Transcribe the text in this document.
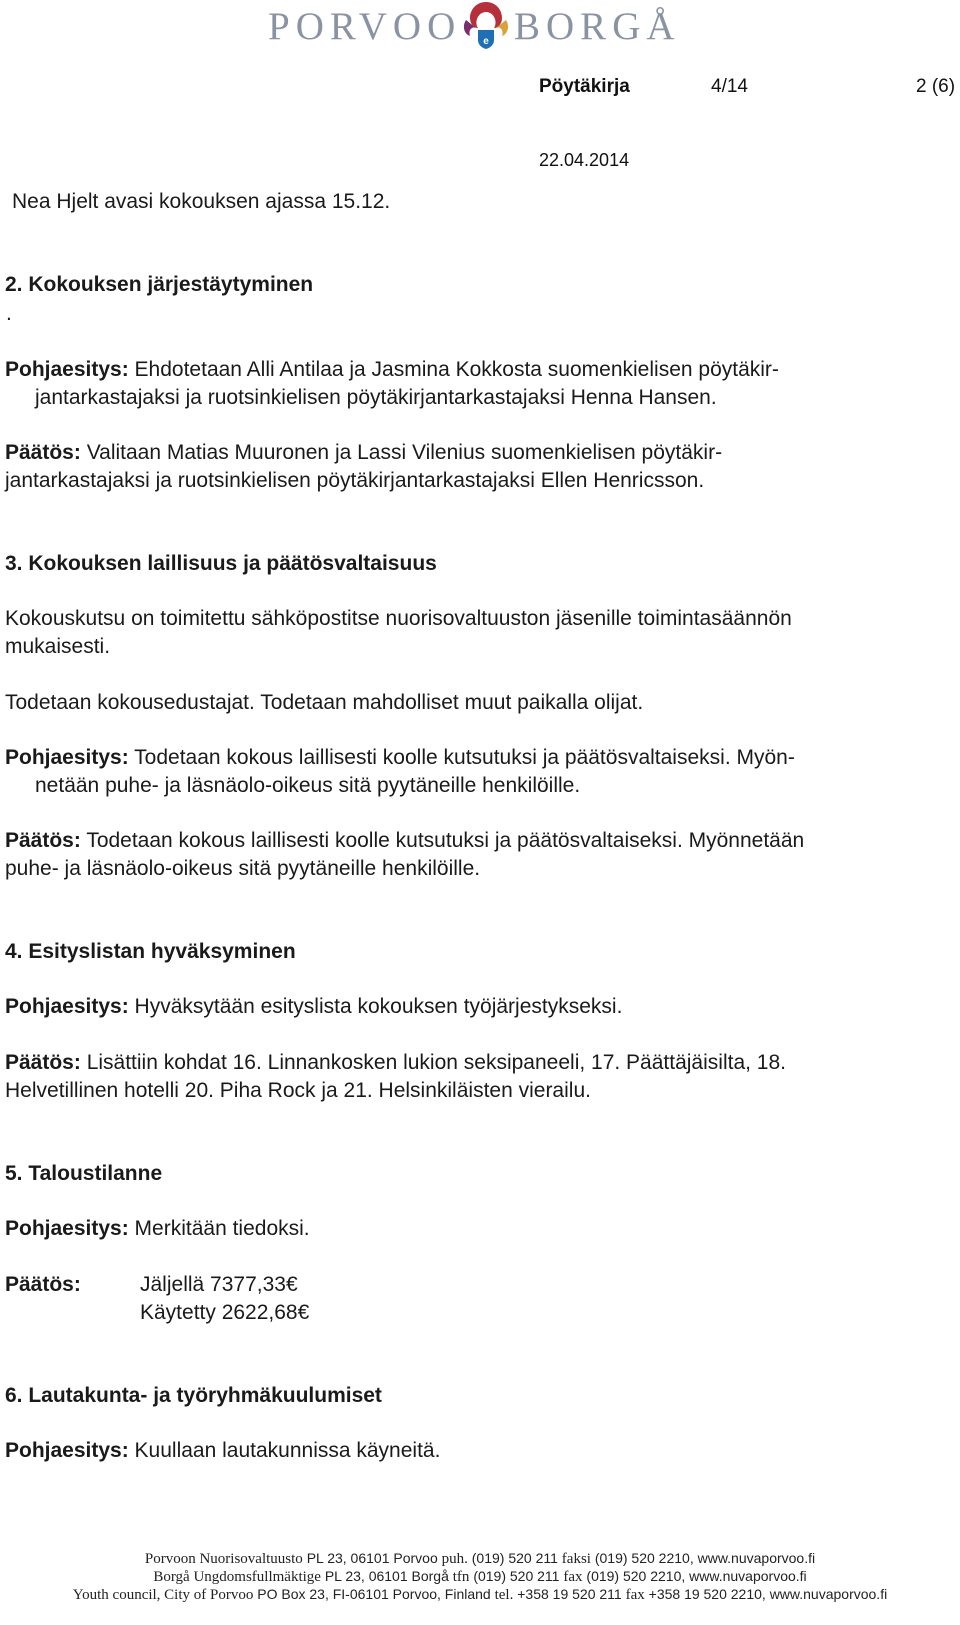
PORVOO e BORGÅ
Pöytäkirja	4/14	2 (6)
22.04.2014
Nea Hjelt avasi kokouksen ajassa 15.12.
2. Kokouksen järjestäytyminen
.
Pohjaesitys: Ehdotetaan Alli Antilaa ja Jasmina Kokkosta suomenkielisen pöytäkir-
jantarkastajaksi ja ruotsinkielisen pöytäkirjantarkastajaksi Henna Hansen.
Päätös: Valitaan Matias Muuronen ja Lassi Vilenius suomenkielisen pöytäkir-
jantarkastajaksi ja ruotsinkielisen pöytäkirjantarkastajaksi Ellen Henricsson.
3. Kokouksen laillisuus ja päätösvaltaisuus
Kokouskutsu on toimitettu sähköpostitse nuorisovaltuuston jäsenille toimintasäännön
mukaisesti.
Todetaan kokousedustajat. Todetaan mahdolliset muut paikalla olijat.
Pohjaesitys: Todetaan kokous laillisesti koolle kutsutuksi ja päätösvaltaiseksi. Myön-
netään puhe- ja läsnäolo-oikeus sitä pyytäneille henkilöille.
Päätös: Todetaan kokous laillisesti koolle kutsutuksi ja päätösvaltaiseksi. Myönnetään
puhe- ja läsnäolo-oikeus sitä pyytäneille henkilöille.
4. Esityslistan hyväksyminen
Pohjaesitys: Hyväksytään esityslista kokouksen työjärjestykseksi.
Päätös: Lisättiin kohdat 16. Linnankosken lukion seksipaneeli, 17. Päättäjäisilta, 18.
Helvetillinen hotelli 20. Piha Rock ja 21. Helsinkiläisten vierailu.
5. Taloustilanne
Pohjaesitys: Merkitään tiedoksi.
Päätös:	Jäljellä 7377,33€
Käytetty 2622,68€
6. Lautakunta- ja työryhmäkuulumiset
Pohjaesitys: Kuullaan lautakunnissa käyneitä.
Porvoon Nuorisovaltuusto PL 23, 06101 Porvoo puh. (019) 520 211 faksi (019) 520 2210, www.nuvaporvoo.fi
Borgå Ungdomsfullmäktige PL 23, 06101 Borgå tfn (019) 520 211 fax (019) 520 2210, www.nuvaporvoo.fi
Youth council, City of Porvoo PO Box 23, FI-06101 Porvoo, Finland tel. +358 19 520 211 fax +358 19 520 2210, www.nuvaporvoo.fi
